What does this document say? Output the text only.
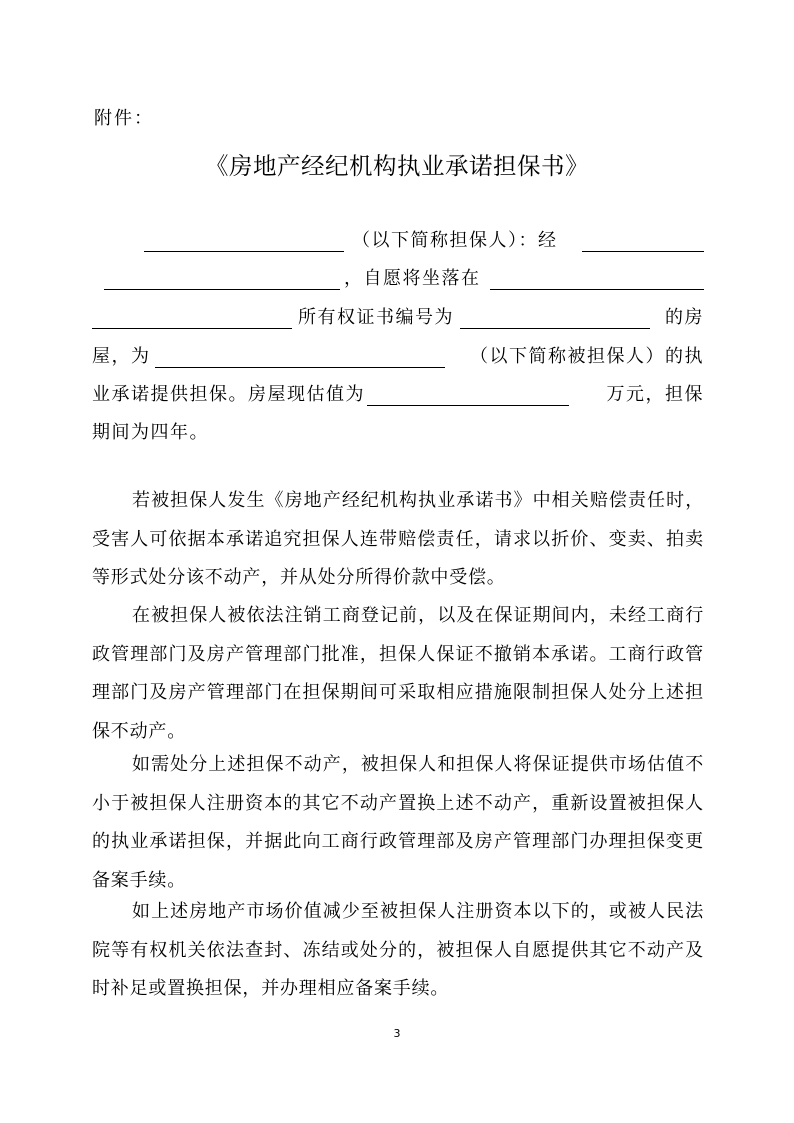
附件：
《房地产经纪机构执业承诺担保书》
（以下简称担保人）：经
，自愿将坐落在
所有权证书编号为	的房
屋，为	（以下简称被担保人）的执
业承诺提供担保。房屋现估值为	万元，担保
期间为四年。
若被担保人发生《房地产经纪机构执业承诺书》中相关赔偿责任时，受害人可依据本承诺追究担保人连带赔偿责任，请求以折价、变卖、拍卖等形式处分该不动产，并从处分所得价款中受偿。
在被担保人被依法注销工商登记前，以及在保证期间内，未经工商行政管理部门及房产管理部门批准，担保人保证不撤销本承诺。工商行政管理部门及房产管理部门在担保期间可采取相应措施限制担保人处分上述担保不动产。
如需处分上述担保不动产，被担保人和担保人将保证提供市场估值不小于被担保人注册资本的其它不动产置换上述不动产，重新设置被担保人的执业承诺担保，并据此向工商行政管理部及房产管理部门办理担保变更备案手续。
如上述房地产市场价值减少至被担保人注册资本以下的，或被人民法院等有权机关依法查封、冻结或处分的，被担保人自愿提供其它不动产及时补足或置换担保，并办理相应备案手续。
3
